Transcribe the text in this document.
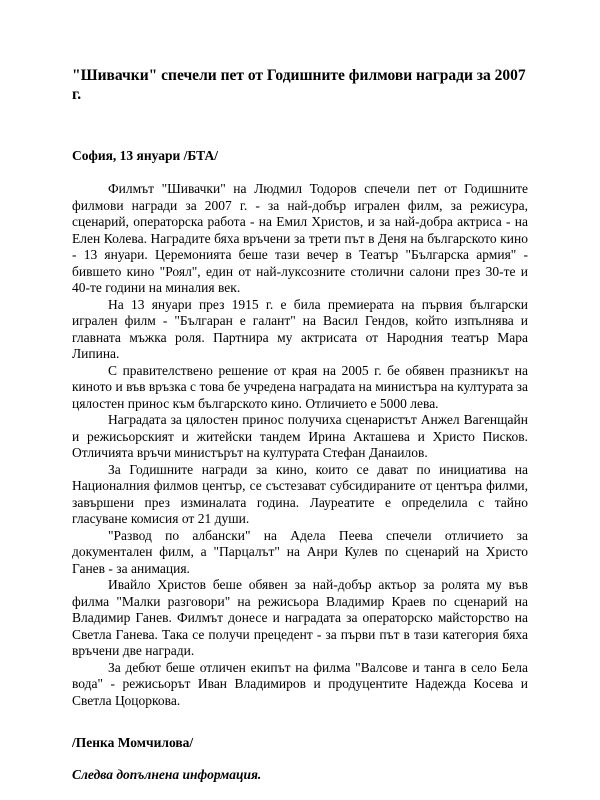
"Шивачки" спечели пет от Годишните филмови награди за 2007 г.
София, 13 януари /БТА/

Филмът "Шивачки" на Людмил Тодоров спечели пет от Годишните филмови награди за 2007 г. - за най-добър игрален филм, за режисура, сценарий, операторска работа - на Емил Христов, и за най-добра актриса - на Елен Колева. Наградите бяха връчени за трети път в Деня на българското кино - 13 януари. Церемонията беше тази вечер в Театър "Българска армия" - бившето кино "Роял", един от най-луксозните столични салони през 30-те и 40-те години на миналия век.

На 13 януари през 1915 г. е била премиерата на първия български игрален филм - "Българан е галант" на Васил Гендов, който изпълнява и главната мъжка роля. Партнира му актрисата от Народния театър Мара Липина.

С правителствено решение от края на 2005 г. бе обявен празникът на киното и във връзка с това бе учредена наградата на министъра на културата за цялостен принос към българското кино. Отличието е 5000 лева.

Наградата за цялостен принос получиха сценаристът Анжел Вагенщайн и режисьорският и житейски тандем Ирина Акташева и Христо Писков. Отличията връчи министърът на културата Стефан Данаилов.

За Годишните награди за кино, които се дават по инициатива на Националния филмов център, се състезават субсидираните от центъра филми, завършени през изминалата година. Лауреатите е определила с тайно гласуване комисия от 21 души.

"Развод по албански" на Адела Пеева спечели отличието за документален филм, а "Парцалът" на Анри Кулев по сценарий на Христо Ганев - за анимация.

Ивайло Христов беше обявен за най-добър актьор за ролята му във филма "Малки разговори" на режисьора Владимир Краев по сценарий на Владимир Ганев. Филмът донесе и наградата за операторско майсторство на Светла Ганева. Така се получи прецедент - за първи път в тази категория бяха връчени две награди.

За дебют беше отличен екипът на филма "Валсове и танга в село Бела вода" - режисьорът Иван Владимиров и продуцентите Надежда Косева и Светла Цоцоркова.

/Пенка Момчилова/
Следва допълнена информация.
